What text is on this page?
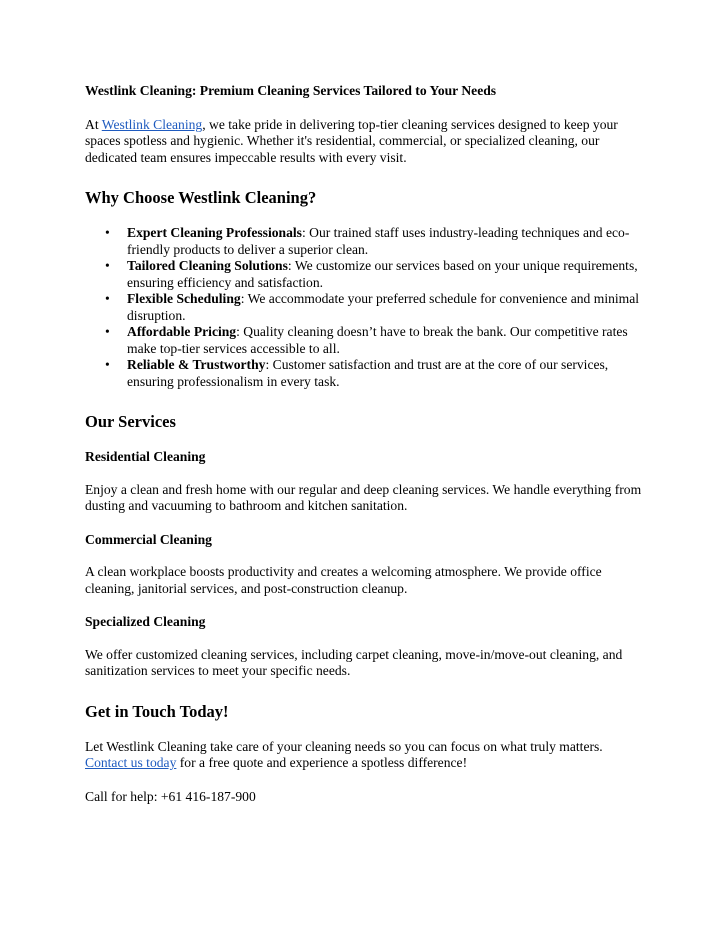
Westlink Cleaning: Premium Cleaning Services Tailored to Your Needs

At Westlink Cleaning, we take pride in delivering top-tier cleaning services designed to keep your spaces spotless and hygienic. Whether it's residential, commercial, or specialized cleaning, our dedicated team ensures impeccable results with every visit.

Why Choose Westlink Cleaning?
• Expert Cleaning Professionals: Our trained staff uses industry-leading techniques and eco-friendly products to deliver a superior clean.
• Tailored Cleaning Solutions: We customize our services based on your unique requirements, ensuring efficiency and satisfaction.
• Flexible Scheduling: We accommodate your preferred schedule for convenience and minimal disruption.
• Affordable Pricing: Quality cleaning doesn’t have to break the bank. Our competitive rates make top-tier services accessible to all.
• Reliable & Trustworthy: Customer satisfaction and trust are at the core of our services, ensuring professionalism in every task.
Our Services
Residential Cleaning

Enjoy a clean and fresh home with our regular and deep cleaning services. We handle everything from dusting and vacuuming to bathroom and kitchen sanitation.

Commercial Cleaning

A clean workplace boosts productivity and creates a welcoming atmosphere. We provide office cleaning, janitorial services, and post-construction cleanup.

Specialized Cleaning

We offer customized cleaning services, including carpet cleaning, move-in/move-out cleaning, and sanitization services to meet your specific needs.

Get in Touch Today!

Let Westlink Cleaning take care of your cleaning needs so you can focus on what truly matters.
Contact us today for a free quote and experience a spotless difference!

Call for help: +61 416-187-900
